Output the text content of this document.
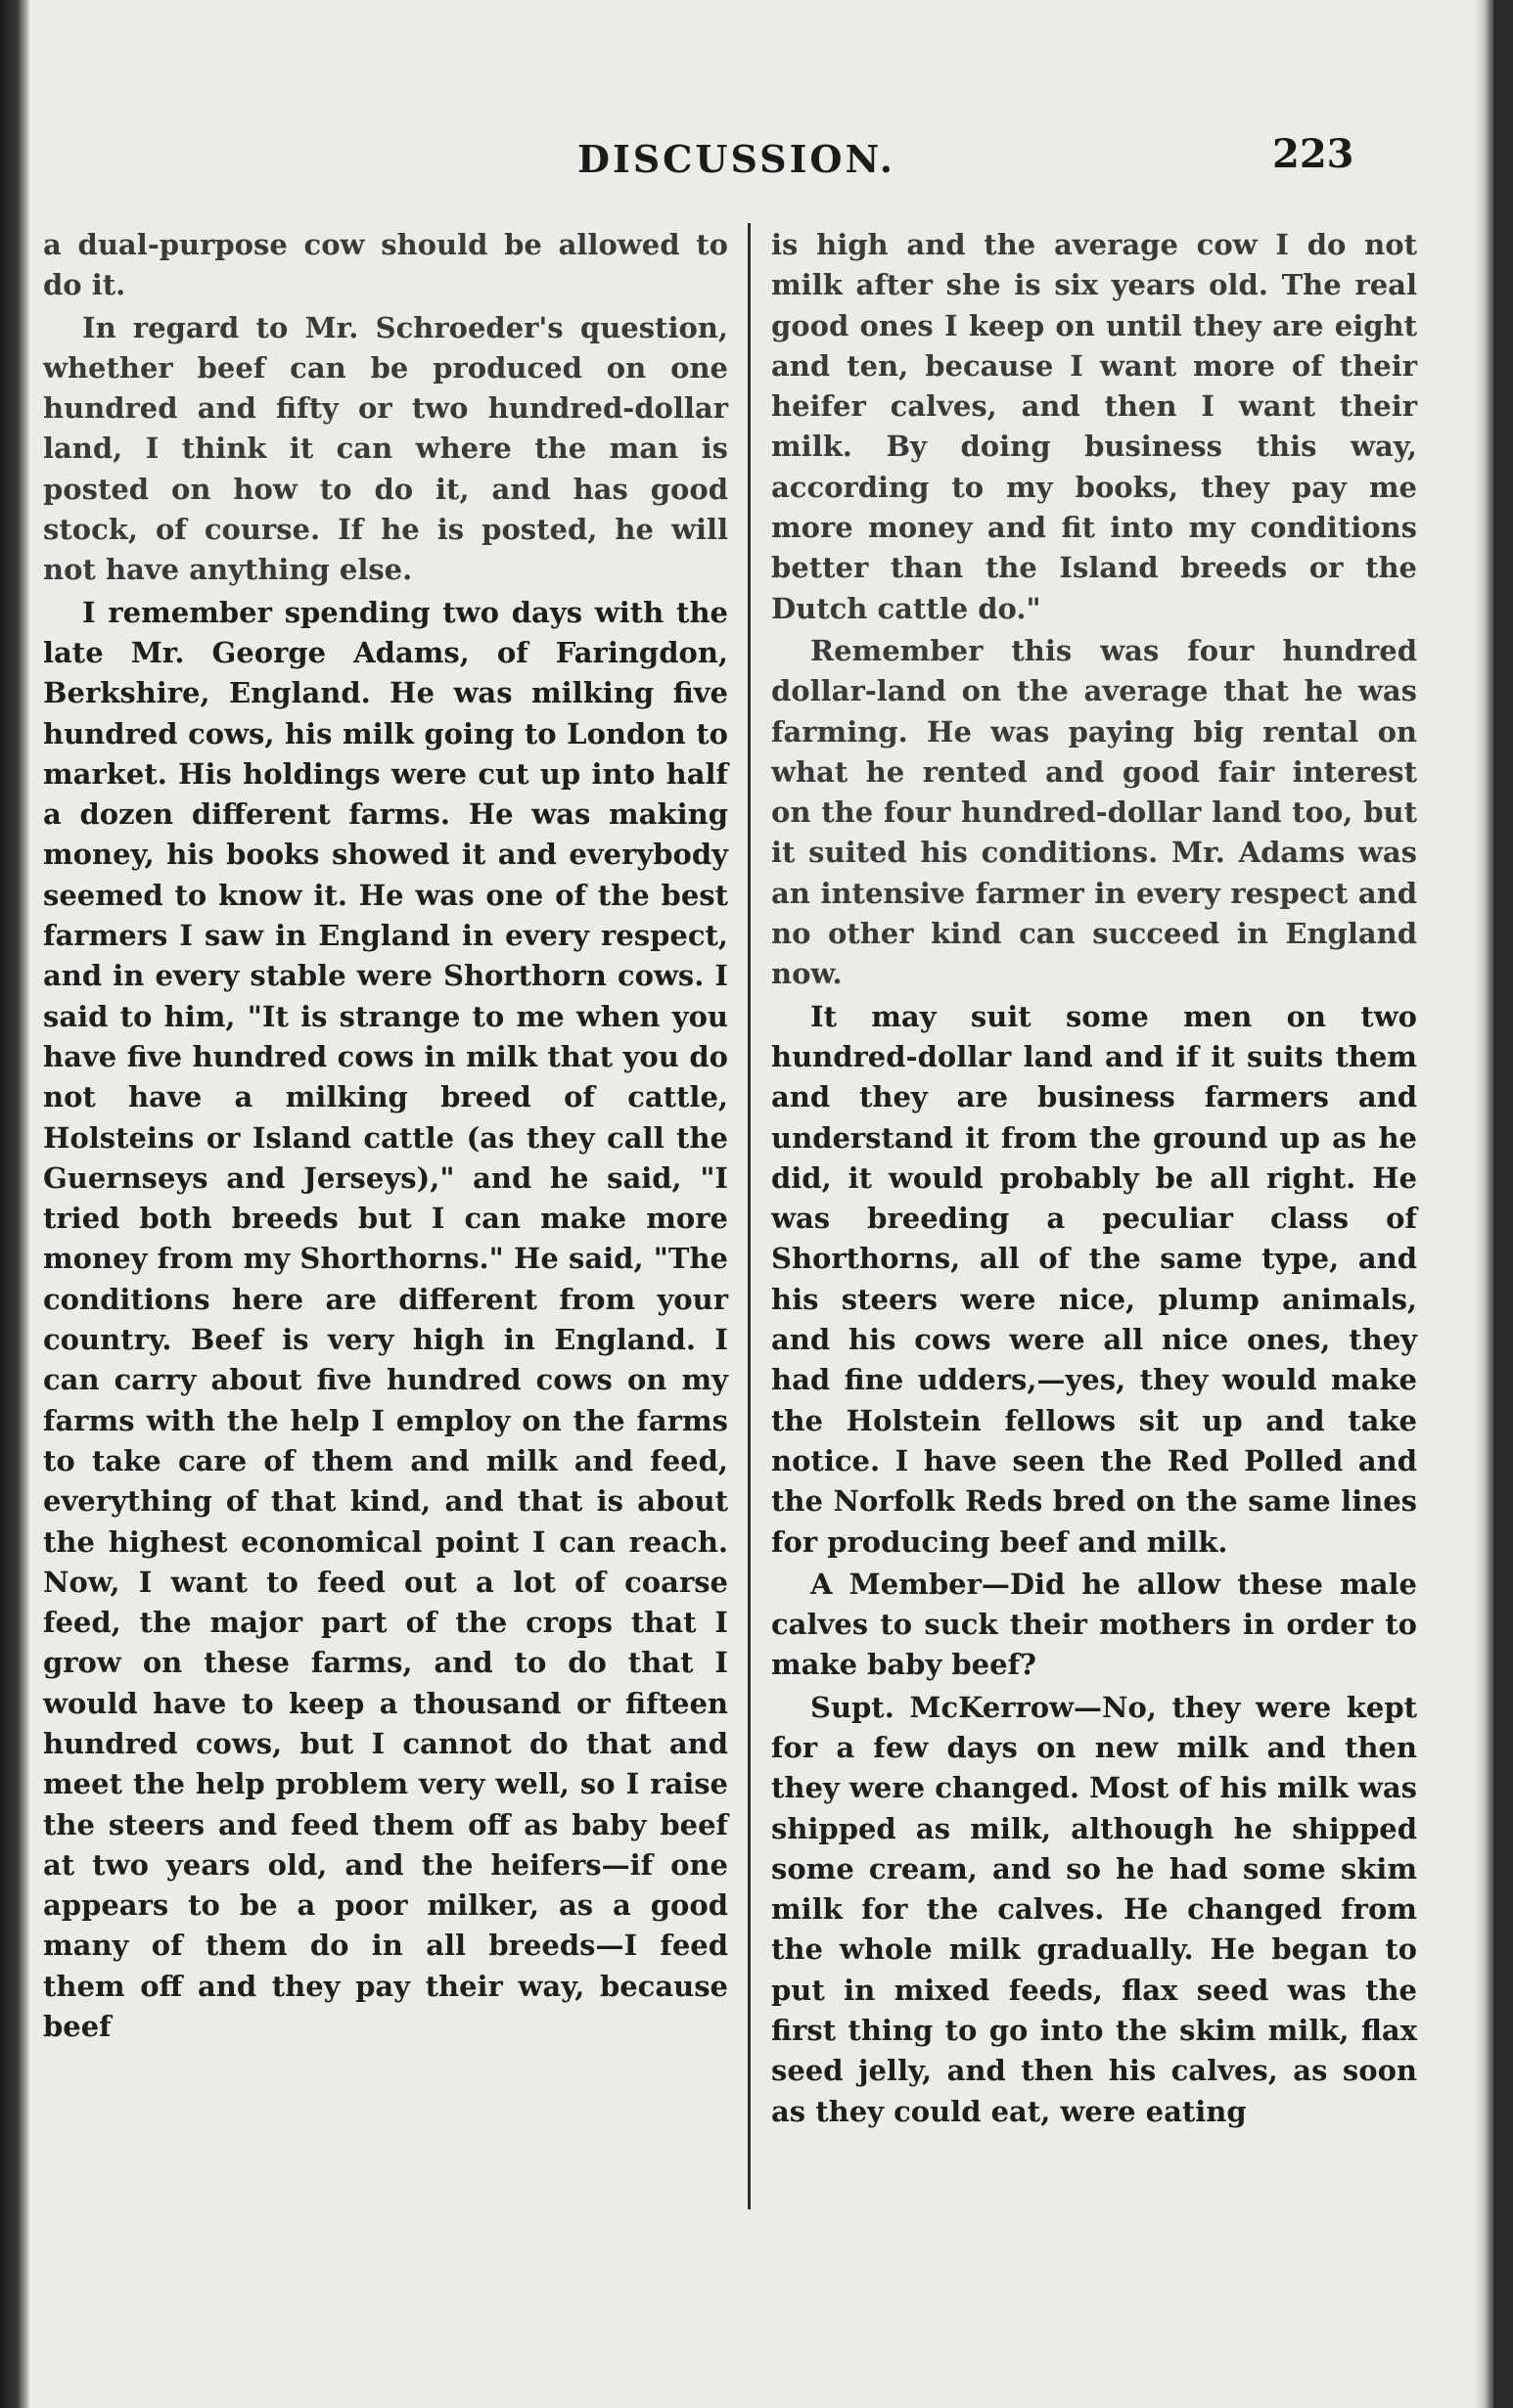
DISCUSSION.	223

a dual-purpose cow should be allowed to do it.

In regard to Mr. Schroeder's question, whether beef can be produced on one hundred and fifty or two hundred-dollar land, I think it can where the man is posted on how to do it, and has good stock, of course. If he is posted, he will not have anything else.

I remember spending two days with the late Mr. George Adams, of Faringdon, Berkshire, England. He was milking five hundred cows, his milk going to London to market. His holdings were cut up into half a dozen different farms. He was making money, his books showed it and everybody seemed to know it. He was one of the best farmers I saw in England in every respect, and in every stable were Shorthorn cows. I said to him, "It is strange to me when you have five hundred cows in milk that you do not have a milking breed of cattle, Holsteins or Island cattle (as they call the Guernseys and Jerseys)," and he said, "I tried both breeds but I can make more money from my Shorthorns." He said, "The conditions here are different from your country. Beef is very high in England. I can carry about five hundred cows on my farms with the help I employ on the farms to take care of them and milk and feed, everything of that kind, and that is about the highest economical point I can reach. Now, I want to feed out a lot of coarse feed, the major part of the crops that I grow on these farms, and to do that I would have to keep a thousand or fifteen hundred cows, but I cannot do that and meet the help problem very well, so I raise the steers and feed them off as baby beef at two years old, and the heifers—if one appears to be a poor milker, as a good many of them do in all breeds—I feed them off and they pay their way, because beef

is high and the average cow I do not milk after she is six years old. The real good ones I keep on until they are eight and ten, because I want more of their heifer calves, and then I want their milk. By doing business this way, according to my books, they pay me more money and fit into my conditions better than the Island breeds or the Dutch cattle do."

Remember this was four hundred dollar-land on the average that he was farming. He was paying big rental on what he rented and good fair interest on the four hundred-dollar land too, but it suited his conditions. Mr. Adams was an intensive farmer in every respect and no other kind can succeed in England now.

It may suit some men on two hundred-dollar land and if it suits them and they are business farmers and understand it from the ground up as he did, it would probably be all right. He was breeding a peculiar class of Shorthorns, all of the same type, and his steers were nice, plump animals, and his cows were all nice ones, they had fine udders,—yes, they would make the Holstein fellows sit up and take notice. I have seen the Red Polled and the Norfolk Reds bred on the same lines for producing beef and milk.

A Member—Did he allow these male calves to suck their mothers in order to make baby beef?

Supt. McKerrow—No, they were kept for a few days on new milk and then they were changed. Most of his milk was shipped as milk, although he shipped some cream, and so he had some skim milk for the calves. He changed from the whole milk gradually. He began to put in mixed feeds, flax seed was the first thing to go into the skim milk, flax seed jelly, and then his calves, as soon as they could eat, were eating
